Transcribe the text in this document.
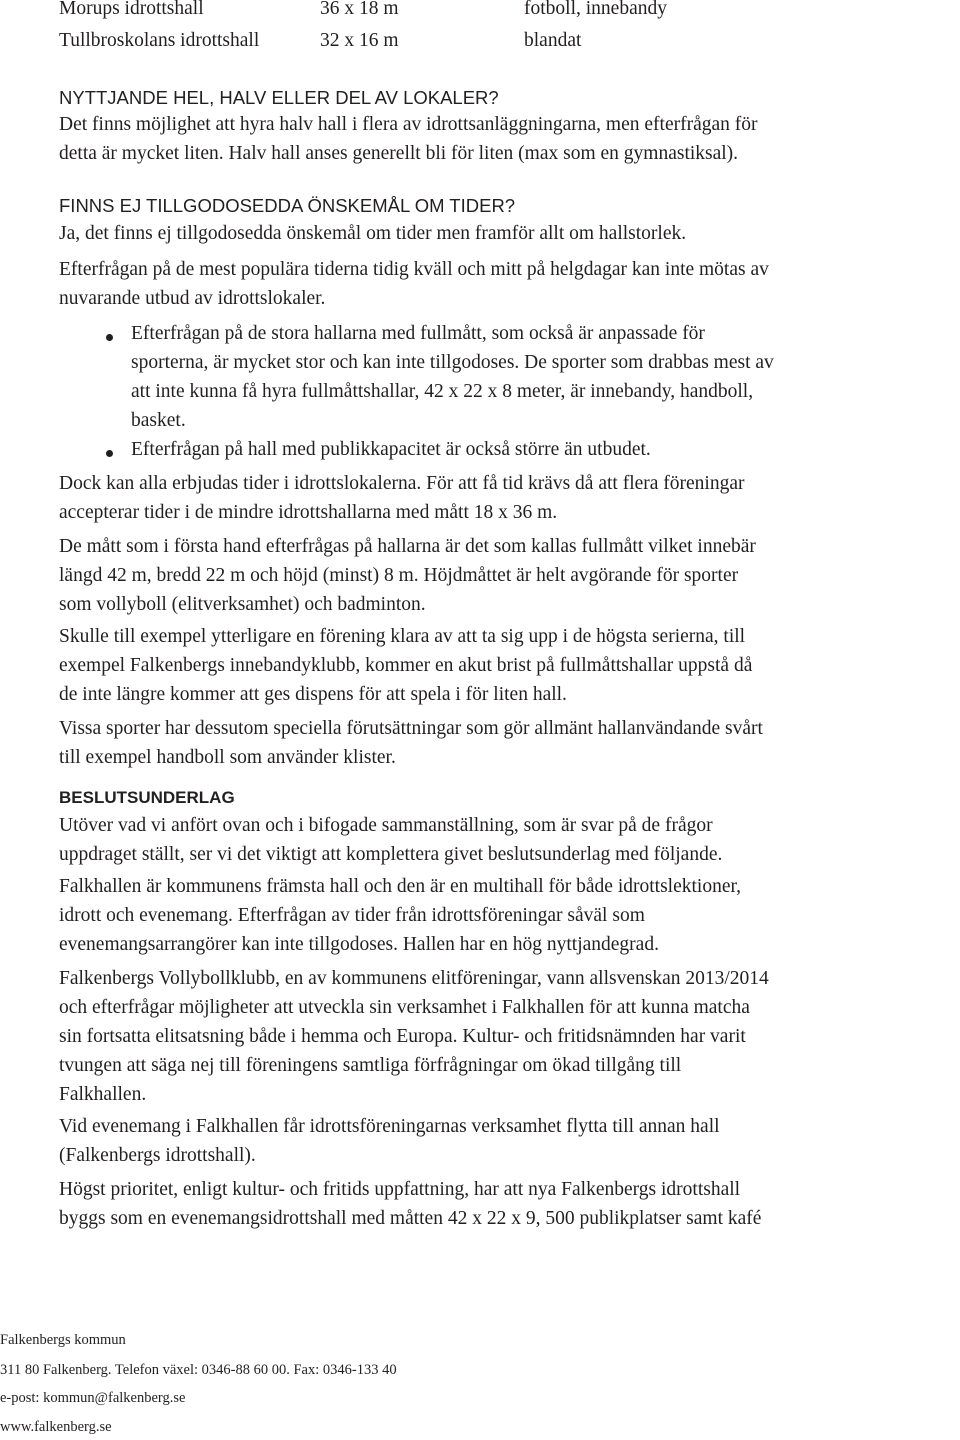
Morups idrottshall	36 x 18 m	fotboll, innebandy
Tullbroskolans idrottshall	32 x 16 m	blandat
NYTTJANDE HEL, HALV ELLER DEL AV LOKALER?
Det finns möjlighet att hyra halv hall i flera av idrottsanläggningarna, men efterfrågan för
detta är mycket liten. Halv hall anses generellt bli för liten (max som en gymnastiksal).
FINNS EJ TILLGODOSEDDA ÖNSKEMÅL OM TIDER?
Ja, det finns ej tillgodosedda önskemål om tider men framför allt om hallstorlek.
Efterfrågan på de mest populära tiderna tidig kväll och mitt på helgdagar kan inte mötas av
nuvarande utbud av idrottslokaler.
Efterfrågan på de stora hallarna med fullmått, som också är anpassade för
sporterna, är mycket stor och kan inte tillgodoses. De sporter som drabbas mest av
att inte kunna få hyra fullmåttshallar, 42 x 22 x 8 meter, är innebandy, handboll,
basket.
Efterfrågan på hall med publikkapacitet är också större än utbudet.
Dock kan alla erbjudas tider i idrottslokalerna. För att få tid krävs då att flera föreningar
accepterar tider i de mindre idrottshallarna med mått 18 x 36 m.
De mått som i första hand efterfrågas på hallarna är det som kallas fullmått vilket innebär
längd 42 m, bredd 22 m och höjd (minst) 8 m. Höjdmåttet är helt avgörande för sporter
som vollyboll (elitverksamhet) och badminton.
Skulle till exempel ytterligare en förening klara av att ta sig upp i de högsta serierna, till
exempel Falkenbergs innebandyklubb, kommer en akut brist på fullmåttshallar uppstå då
de inte längre kommer att ges dispens för att spela i för liten hall.
Vissa sporter har dessutom speciella förutsättningar som gör allmänt hallanvändande svårt
till exempel handboll som använder klister.
BESLUTSUNDERLAG
Utöver vad vi anfört ovan och i bifogade sammanställning, som är svar på de frågor
uppdraget ställt, ser vi det viktigt att komplettera givet beslutsunderlag med följande.
Falkhallen är kommunens främsta hall och den är en multihall för både idrottslektioner,
idrott och evenemang. Efterfrågan av tider från idrottsföreningar såväl som
evenemangsarrangörer kan inte tillgodoses. Hallen har en hög nyttjandegrad.
Falkenbergs Vollybollklubb, en av kommunens elitföreningar, vann allsvenskan 2013/2014
och efterfrågar möjligheter att utveckla sin verksamhet i Falkhallen för att kunna matcha
sin fortsatta elitsatsning både i hemma och Europa. Kultur- och fritidsnämnden har varit
tvungen att säga nej till föreningens samtliga förfrågningar om ökad tillgång till
Falkhallen.
Vid evenemang i Falkhallen får idrottsföreningarnas verksamhet flytta till annan hall
(Falkenbergs idrottshall).
Högst prioritet, enligt kultur- och fritids uppfattning, har att nya Falkenbergs idrottshall
byggs som en evenemangsidrottshall med måtten 42 x 22 x 9, 500 publikplatser samt kafé
Falkenbergs kommun
311 80 Falkenberg. Telefon växel: 0346-88 60 00. Fax: 0346-133 40
e-post: kommun@falkenberg.se
www.falkenberg.se
